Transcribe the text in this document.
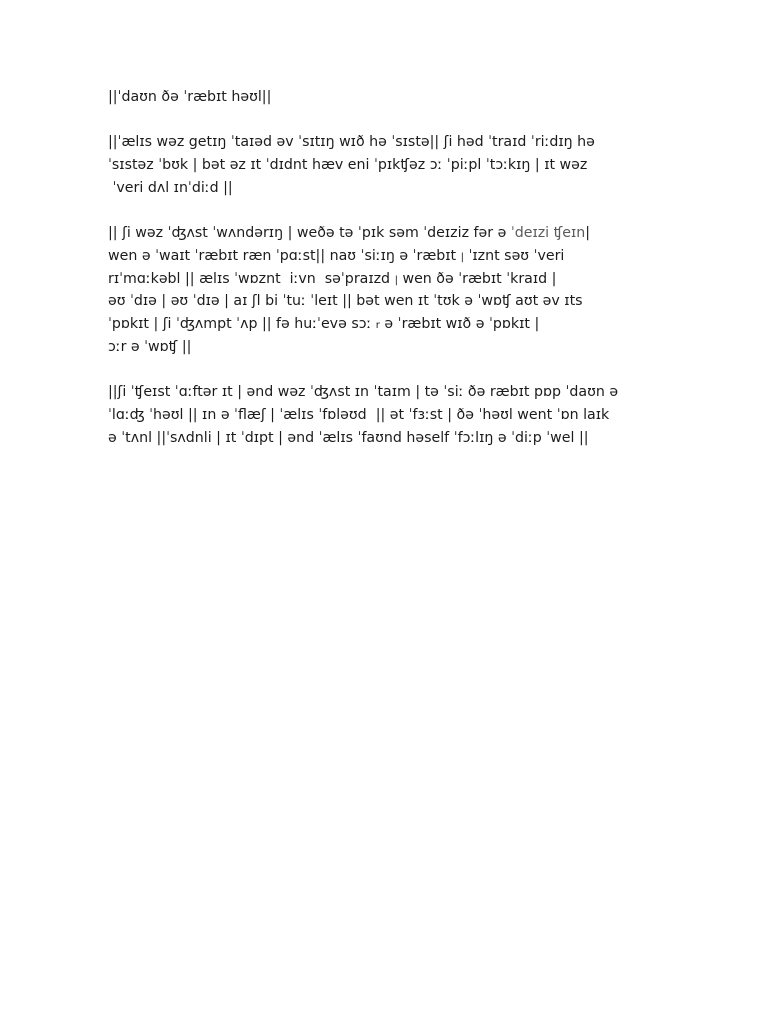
||ˈdaʊn ðə ˈræbɪt həʊl||
||ˈælɪs wəz getɪŋ ˈtaɪəd əv ˈsɪtɪŋ wɪð hə ˈsɪstə|| ʃi həd ˈtraɪd ˈriːdɪŋ hə
ˈsɪstəz ˈbʊk | bət əz ɪt ˈdɪdnt hæv eni ˈpɪkʧəz ɔː ˈpiːpl ˈtɔːkɪŋ | ɪt wəz
ˈveri dʌl ɪnˈdiːd ||
|| ʃi wəz ˈʤʌst ˈwʌndərɪŋ | weðə tə ˈpɪk səm ˈdeɪziz fər ə ˈdeɪzi ʧeɪn|
wen ə ˈwaɪt ˈræbɪt ræn ˈpɑːst|| naʊ ˈsiːɪŋ ə ˈræbɪt | ˈɪznt səʊ ˈveri
rɪˈmɑːkəbl || ælɪs ˈwɒznt  iːvn  səˈpraɪzd | wen ðə ˈræbɪt ˈkraɪd |
əʊ ˈdɪə | əʊ ˈdɪə | aɪ ʃl bi ˈtuː ˈleɪt || bət wen ɪt ˈtʊk ə ˈwɒʧ aʊt əv ɪts
ˈpɒkɪt | ʃi ˈʤʌmpt ˈʌp || fə huːˈevə sɔː r ə ˈræbɪt wɪð ə ˈpɒkɪt |
ɔːr ə ˈwɒʧ ||
||ʃi ˈʧeɪst ˈɑːftər ɪt | ənd wəz ˈʤʌst ɪn ˈtaɪm | tə ˈsiː ðə ræbɪt pɒp ˈdaʊn ə
ˈlɑːʤ ˈhəʊl || ɪn ə ˈflæʃ | ˈælɪs ˈfɒləʊd  || ət ˈfɜːst | ðə ˈhəʊl went ˈɒn laɪk
ə ˈtʌnl ||ˈsʌdnli | ɪt ˈdɪpt | ənd ˈælɪs ˈfaʊnd həself ˈfɔːlɪŋ ə ˈdiːp ˈwel ||
